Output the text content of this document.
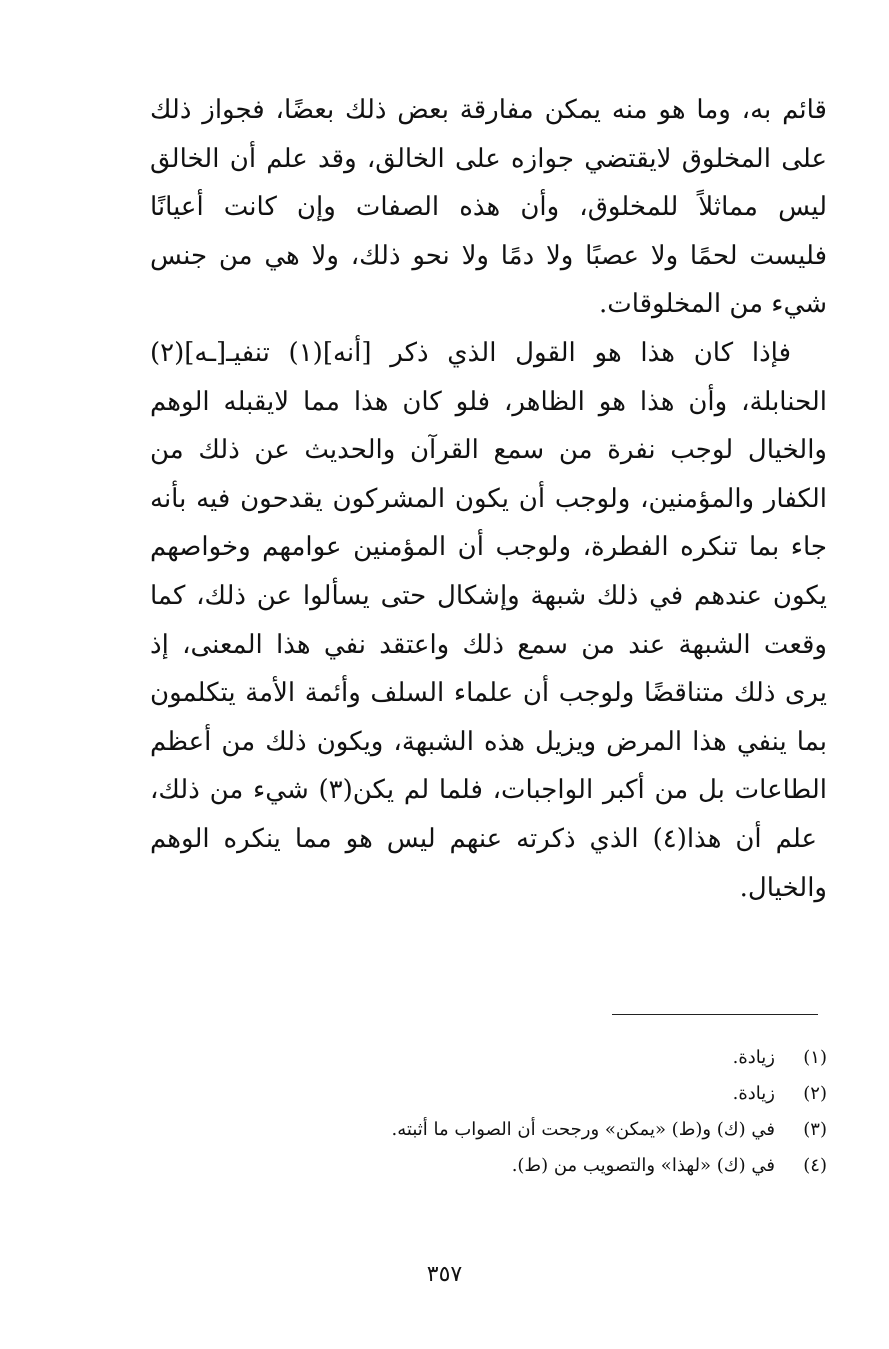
قائم به، وما هو منه يمكن مفارقة بعض ذلك بعضًا، فجواز ذلك
على المخلوق لايقتضي جوازه على الخالق، وقد علم أن الخالق
ليس مماثلاً للمخلوق، وأن هذه الصفات وإن كانت أعيانًا
فليست لحمًا ولا عصبًا ولا دمًا ولا نحو ذلك، ولا هي من جنس
شيء من المخلوقات.
فإذا كان هذا هو القول الذي ذكر [أنه](١) تنفيـ[ـه](٢)
الحنابلة، وأن هذا هو الظاهر، فلو كان هذا مما لايقبله الوهم
والخيال لوجب نفرة من سمع القرآن والحديث عن ذلك من
الكفار والمؤمنين، ولوجب أن يكون المشركون يقدحون فيه بأنه
جاء بما تنكره الفطرة، ولوجب أن المؤمنين عوامهم وخواصهم
يكون عندهم في ذلك شبهة وإشكال حتى يسألوا عن ذلك، كما
وقعت الشبهة عند من سمع ذلك واعتقد نفي هذا المعنى، إذ
يرى ذلك متناقضًا ولوجب أن علماء السلف وأئمة الأمة يتكلمون
بما ينفي هذا المرض ويزيل هذه الشبهة، ويكون ذلك من أعظم
الطاعات بل من أكبر الواجبات، فلما لم يكن(٣) شيء من ذلك،
علم أن هذا(٤) الذي ذكرته عنهم ليس هو مما ينكره الوهم
والخيال.
(١)زيادة.
(٢)زيادة.
(٣)في (ك) و(ط) «يمكن» ورجحت أن الصواب ما أثبته.
(٤)في (ك) «لهذا» والتصويب من (ط).
٣٥٧
